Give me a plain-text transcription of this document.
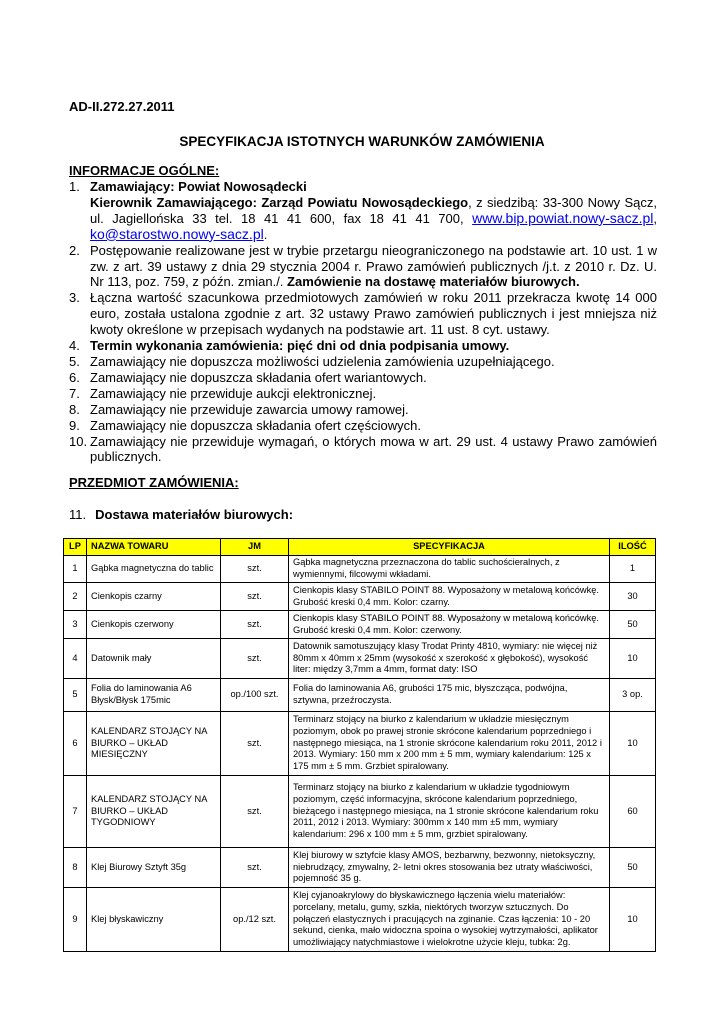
AD-II.272.27.2011
SPECYFIKACJA ISTOTNYCH WARUNKÓW ZAMÓWIENIA
INFORMACJE OGÓLNE:
1. Zamawiający: Powiat Nowosądecki
Kierownik Zamawiającego: Zarząd Powiatu Nowosądeckiego, z siedzibą: 33-300 Nowy Sącz, ul. Jagiellońska 33 tel. 18 41 41 600, fax 18 41 41 700, www.bip.powiat.nowy-sacz.pl, ko@starostwo.nowy-sacz.pl.
2. Postępowanie realizowane jest w trybie przetargu nieograniczonego na podstawie art. 10 ust. 1 w zw. z art. 39 ustawy z dnia 29 stycznia 2004 r. Prawo zamówień publicznych /j.t. z 2010 r. Dz. U. Nr 113, poz. 759, z późn. zmian./. Zamówienie na dostawę materiałów biurowych.
3. Łączna wartość szacunkowa przedmiotowych zamówień w roku 2011 przekracza kwotę 14 000 euro, została ustalona zgodnie z art. 32 ustawy Prawo zamówień publicznych i jest mniejsza niż kwoty określone w przepisach wydanych na podstawie art. 11 ust. 8 cyt. ustawy.
4. Termin wykonania zamówienia: pięć dni od dnia podpisania umowy.
5. Zamawiający nie dopuszcza możliwości udzielenia zamówienia uzupełniającego.
6. Zamawiający nie dopuszcza składania ofert wariantowych.
7. Zamawiający nie przewiduje aukcji elektronicznej.
8. Zamawiający nie przewiduje zawarcia umowy ramowej.
9. Zamawiający nie dopuszcza składania ofert częściowych.
10. Zamawiający nie przewiduje wymagań, o których mowa w art. 29 ust. 4 ustawy Prawo zamówień publicznych.
PRZEDMIOT ZAMÓWIENIA:
11. Dostawa materiałów biurowych:
LP	NAZWA TOWARU	JM	SPECYFIKACJA	ILOŚĆ
1	Gąbka magnetyczna do tablic	szt.	Gąbka magnetyczna przeznaczona do tablic suchościeralnych, z wymiennymi, filcowymi wkładami.	1
2	Cienkopis czarny	szt.	Cienkopis klasy STABILO POINT 88. Wyposażony w metalową końcówkę. Grubość kreski 0,4 mm. Kolor: czarny.	30
3	Cienkopis czerwony	szt.	Cienkopis klasy STABILO POINT 88. Wyposażony w metalową końcówkę. Grubość kreski 0,4 mm. Kolor: czerwony.	50
4	Datownik mały	szt.	Datownik samotuszujący klasy Trodat Printy 4810, wymiary: nie więcej niż 80mm x 40mm x 25mm (wysokość x szerokość x głębokość), wysokość liter: między 3,7mm a 4mm, format daty: ISO	10
5	Folia do laminowania A6 Błysk/Błysk 175mic	op./100 szt.	Folia do laminowania A6, grubości 175 mic, błyszcząca, podwójna, sztywna, przeźroczysta.	3 op.
6	KALENDARZ STOJĄCY NA BIURKO – UKŁAD MIESIĘCZNY	szt.	Terminarz stojący na biurko z kalendarium w układzie miesięcznym poziomym, obok po prawej stronie skrócone kalendarium poprzedniego i następnego miesiąca, na 1 stronie skrócone kalendarium roku 2011, 2012 i 2013. Wymiary: 150 mm x 200 mm ± 5 mm, wymiary kalendarium: 125 x 175 mm ± 5 mm. Grzbiet spiralowany.	10
7	KALENDARZ STOJĄCY NA BIURKO – UKŁAD TYGODNIOWY	szt.	Terminarz stojący na biurko z kalendarium w układzie tygodniowym poziomym, część informacyjna, skrócone kalendarium poprzedniego, bieżącego i następnego miesiąca, na 1 stronie skrócone kalendarium roku 2011, 2012 i 2013. Wymiary: 300mm x 140 mm ±5 mm, wymiary kalendarium: 296 x 100 mm ± 5 mm, grzbiet spiralowany.	60
8	Klej Biurowy Sztyft 35g	szt.	Klej biurowy w sztyfcie klasy AMOS, bezbarwny, bezwonny, nietoksyczny, niebrudzący, zmywalny, 2- letni okres stosowania bez utraty właściwości, pojemność 35 g.	50
9	Klej błyskawiczny	op./12 szt.	Klej cyjanoakrylowy do błyskawicznego łączenia wielu materiałów: porcelany, metalu, gumy, szkła, niektórych tworzyw sztucznych. Do połączeń elastycznych i pracujących na zginanie. Czas łączenia: 10 - 20 sekund, cienka, mało widoczna spoina o wysokiej wytrzymałości, aplikator umożliwiający natychmiastowe i wielokrotne użycie kleju, tubka: 2g.	10
